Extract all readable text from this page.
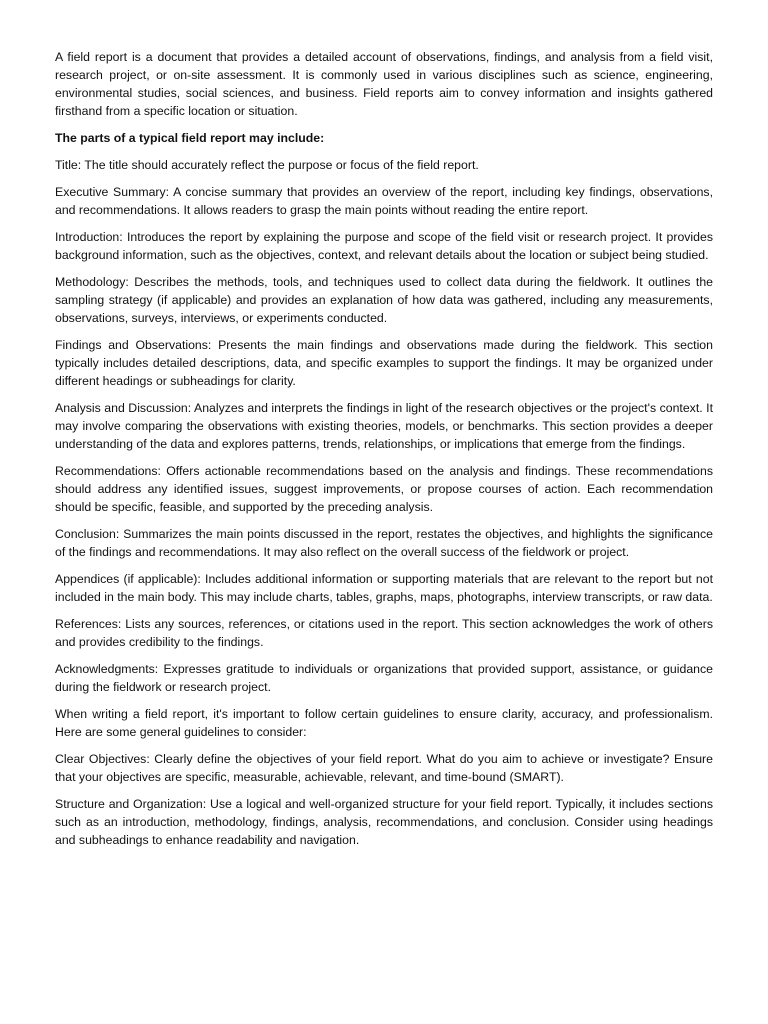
A field report is a document that provides a detailed account of observations, findings, and analysis from a field visit, research project, or on-site assessment. It is commonly used in various disciplines such as science, engineering, environmental studies, social sciences, and business. Field reports aim to convey information and insights gathered firsthand from a specific location or situation.

The parts of a typical field report may include:

Title: The title should accurately reflect the purpose or focus of the field report.

Executive Summary: A concise summary that provides an overview of the report, including key findings, observations, and recommendations. It allows readers to grasp the main points without reading the entire report.

Introduction: Introduces the report by explaining the purpose and scope of the field visit or research project. It provides background information, such as the objectives, context, and relevant details about the location or subject being studied.

Methodology: Describes the methods, tools, and techniques used to collect data during the fieldwork. It outlines the sampling strategy (if applicable) and provides an explanation of how data was gathered, including any measurements, observations, surveys, interviews, or experiments conducted.

Findings and Observations: Presents the main findings and observations made during the fieldwork. This section typically includes detailed descriptions, data, and specific examples to support the findings. It may be organized under different headings or subheadings for clarity.

Analysis and Discussion: Analyzes and interprets the findings in light of the research objectives or the project's context. It may involve comparing the observations with existing theories, models, or benchmarks. This section provides a deeper understanding of the data and explores patterns, trends, relationships, or implications that emerge from the findings.

Recommendations: Offers actionable recommendations based on the analysis and findings. These recommendations should address any identified issues, suggest improvements, or propose courses of action. Each recommendation should be specific, feasible, and supported by the preceding analysis.

Conclusion: Summarizes the main points discussed in the report, restates the objectives, and highlights the significance of the findings and recommendations. It may also reflect on the overall success of the fieldwork or project.

Appendices (if applicable): Includes additional information or supporting materials that are relevant to the report but not included in the main body. This may include charts, tables, graphs, maps, photographs, interview transcripts, or raw data.

References: Lists any sources, references, or citations used in the report. This section acknowledges the work of others and provides credibility to the findings.

Acknowledgments: Expresses gratitude to individuals or organizations that provided support, assistance, or guidance during the fieldwork or research project.

When writing a field report, it's important to follow certain guidelines to ensure clarity, accuracy, and professionalism. Here are some general guidelines to consider:

Clear Objectives: Clearly define the objectives of your field report. What do you aim to achieve or investigate? Ensure that your objectives are specific, measurable, achievable, relevant, and time-bound (SMART).

Structure and Organization: Use a logical and well-organized structure for your field report. Typically, it includes sections such as an introduction, methodology, findings, analysis, recommendations, and conclusion. Consider using headings and subheadings to enhance readability and navigation.
